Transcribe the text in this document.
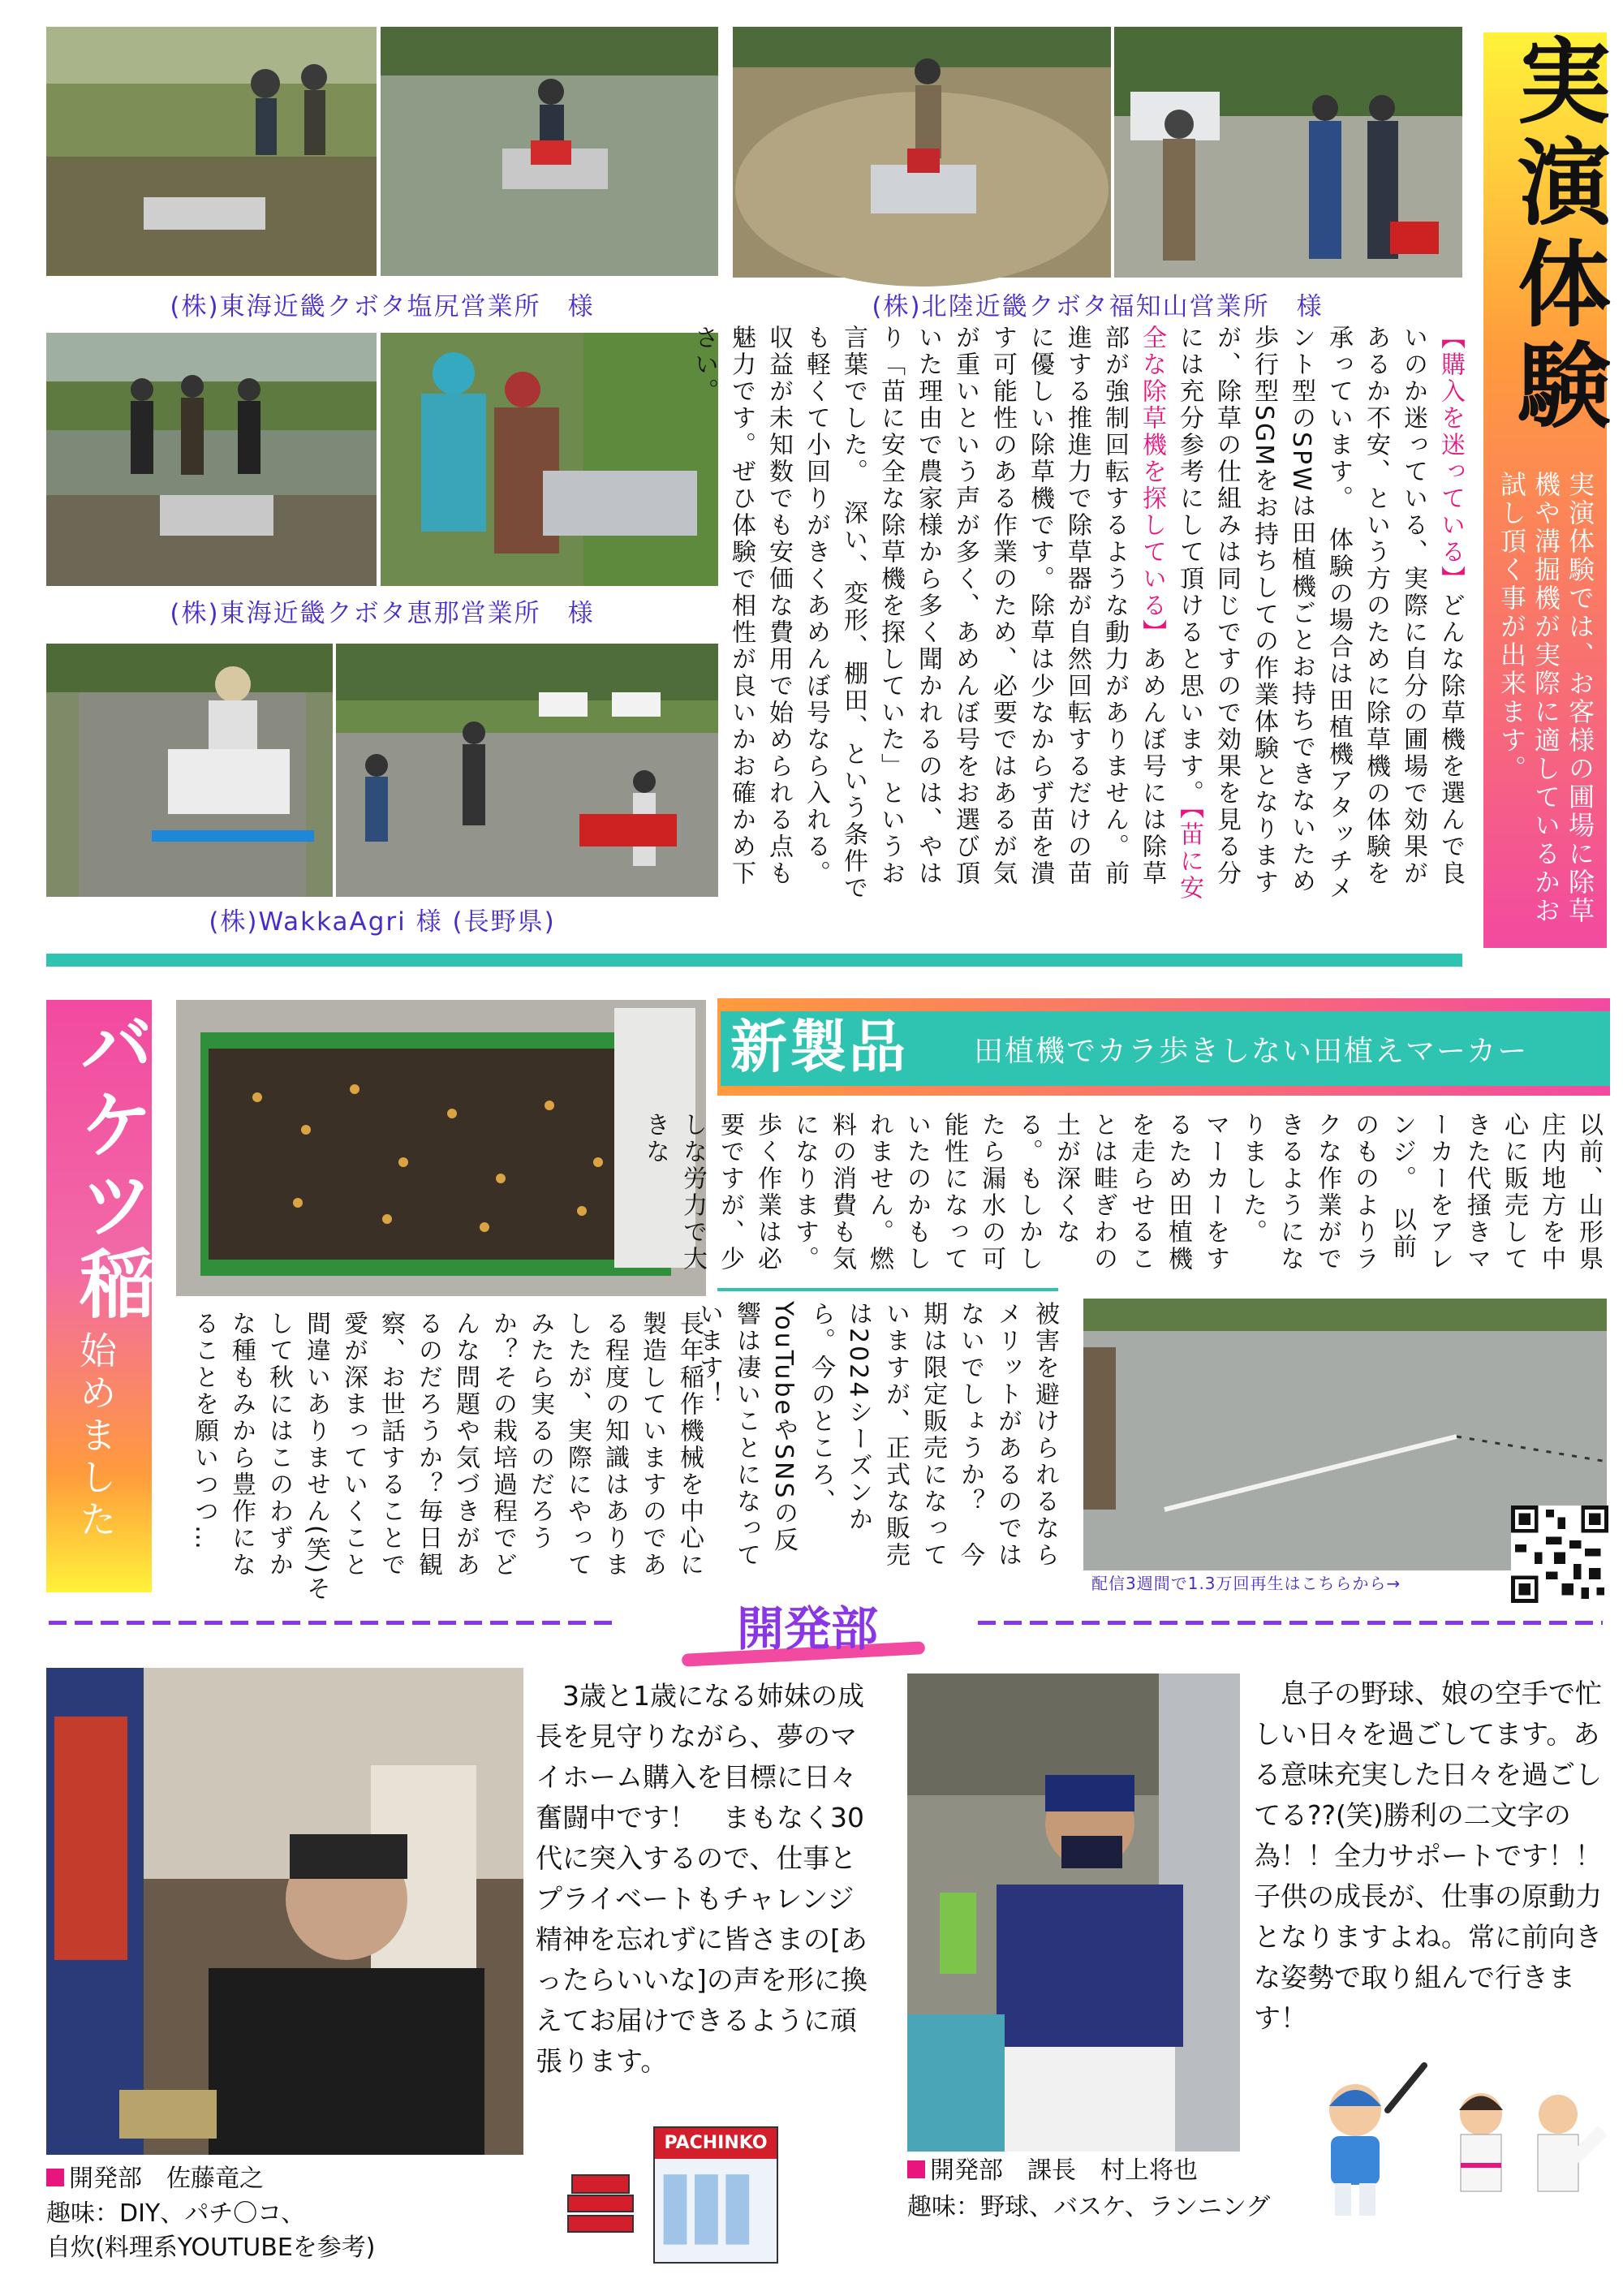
(株)東海近畿クボタ塩尻営業所　様	(株)北陸近畿クボタ福知山営業所　様
(株)東海近畿クボタ恵那営業所　様
(株)WakkaAgri 様 (長野県)
実演体験
実演体験では、お客様の圃場に除草機や溝掘機が実際に適しているかお試し頂く事が出来ます。
【購入を迷っている】どんな除草機を選んで良いのか迷っている、実際に自分の圃場で効果があるか不安、という方のために除草機の体験を承っています。　体験の場合は田植機アタッチメント型のSPWは田植機ごとお持ちできないため歩行型SGMをお持ちしての作業体験となりますが、除草の仕組みは同じですので効果を見る分には充分参考にして頂けると思います。【苗に安全な除草機を探している】あめんぼ号には除草部が強制回転するような動力がありません。前進する推進力で除草器が自然回転するだけの苗に優しい除草機です。除草は少なからず苗を潰す可能性のある作業のため、必要ではあるが気が重いという声が多く、あめんぼ号をお選び頂いた理由で農家様から多く聞かれるのは、やはり「苗に安全な除草機を探していた」というお言葉でした。　深い、変形、棚田、という条件でも軽くて小回りがきくあめんぼ号なら入れる。収益が未知数でも安価な費用で始められる点も魅力です。ぜひ体験で相性が良いかお確かめ下さい。
バケツ稲
始めました	長年稲作機械を中心に製造していますのである程度の知識はありましたが、実際にやってみたら実るのだろうか？その栽培過程でどんな問題や気づきがあるのだろうか？毎日観察、お世話することで愛が深まっていくこと間違いありません(笑)そして秋にはこのわずかな種もみから豊作になることを願いつつ…
新製品 田植機でカラ歩きしない田植えマーカー
以前、山形県庄内地方を中心に販売してきた代掻きマーカーをアレンジ。　以前のものよりラクな作業ができるようになりました。　マーカーをするため田植機を走らせることは畦ぎわの土が深くなる。もしかしたら漏水の可能性になっていたのかもしれません。燃料の消費も気になります。歩く作業は必要ですが、少しな労力で大きな
被害を避けられるならメリットがあるのではないでしょうか？　今期は限定販売になっていますが、正式な販売は2024シーズンから。今のところ、YouTubeやSNSの反響は凄いことになっています！
配信3週間で1.3万回再生はこちらから→
開発部
3歳と1歳になる姉妹の成長を見守りながら、夢のマイホーム購入を目標に日々奮闘中です！　まもなく30代に突入するので、仕事とプライベートもチャレンジ精神を忘れずに皆さまの[あったらいいな]の声を形に換えてお届けできるように頑張ります。
開発部　佐藤竜之
趣味：DIY、パチ〇コ、
自炊(料理系YOUTUBEを参考)
PACHINKO
息子の野球、娘の空手で忙しい日々を過ごしてます。ある意味充実した日々を過ごしてる??(笑)勝利の二文字の為！！全力サポートです！！子供の成長が、仕事の原動力となりますよね。常に前向きな姿勢で取り組んで行きます！
開発部　課長　村上将也
趣味：野球、バスケ、ランニング
